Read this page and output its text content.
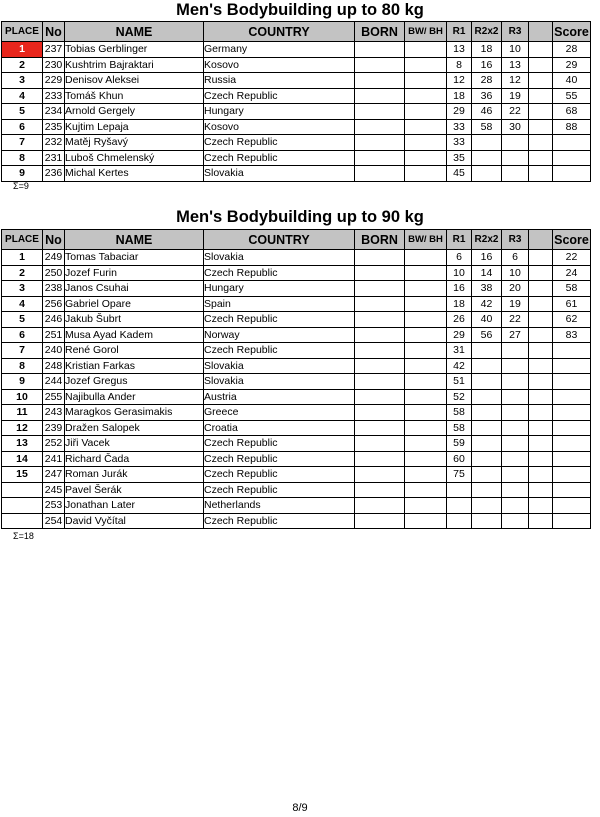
Men's Bodybuilding up to 80 kg
PLACE	No	NAME	COUNTRY	BORN	BW/ BH	R1	R2x2	R3		Score
1	237	Tobias Gerblinger	Germany			13	18	10		28
2	230	Kushtrim Bajraktari	Kosovo			8	16	13		29
3	229	Denisov Aleksei	Russia			12	28	12		40
4	233	Tomáš Khun	Czech Republic			18	36	19		55
5	234	Arnold Gergely	Hungary			29	46	22		68
6	235	Kujtim Lepaja	Kosovo			33	58	30		88
7	232	Matěj Ryšavý	Czech Republic			33				
8	231	Luboš Chmelenský	Czech Republic			35				
9	236	Michal Kertes	Slovakia			45				
Σ=9
Men's Bodybuilding up to 90 kg
PLACE	No	NAME	COUNTRY	BORN	BW/ BH	R1	R2x2	R3		Score
1	249	Tomas Tabaciar	Slovakia			6	16	6		22
2	250	Jozef Furin	Czech Republic			10	14	10		24
3	238	Janos Csuhai	Hungary			16	38	20		58
4	256	Gabriel Opare	Spain			18	42	19		61
5	246	Jakub Šubrt	Czech Republic			26	40	22		62
6	251	Musa Ayad Kadem	Norway			29	56	27		83
7	240	René Gorol	Czech Republic			31				
8	248	Kristian Farkas	Slovakia			42				
9	244	Jozef Gregus	Slovakia			51				
10	255	Najibulla Ander	Austria			52				
11	243	Maragkos Gerasimakis	Greece			58				
12	239	Dražen Salopek	Croatia			58				
13	252	Jiři Vacek	Czech Republic			59				
14	241	Richard Čada	Czech Republic			60				
15	247	Roman Jurák	Czech Republic			75				
	245	Pavel Šerák	Czech Republic							
	253	Jonathan Later	Netherlands							
	254	David Vyčítal	Czech Republic							
Σ=18
8/9
